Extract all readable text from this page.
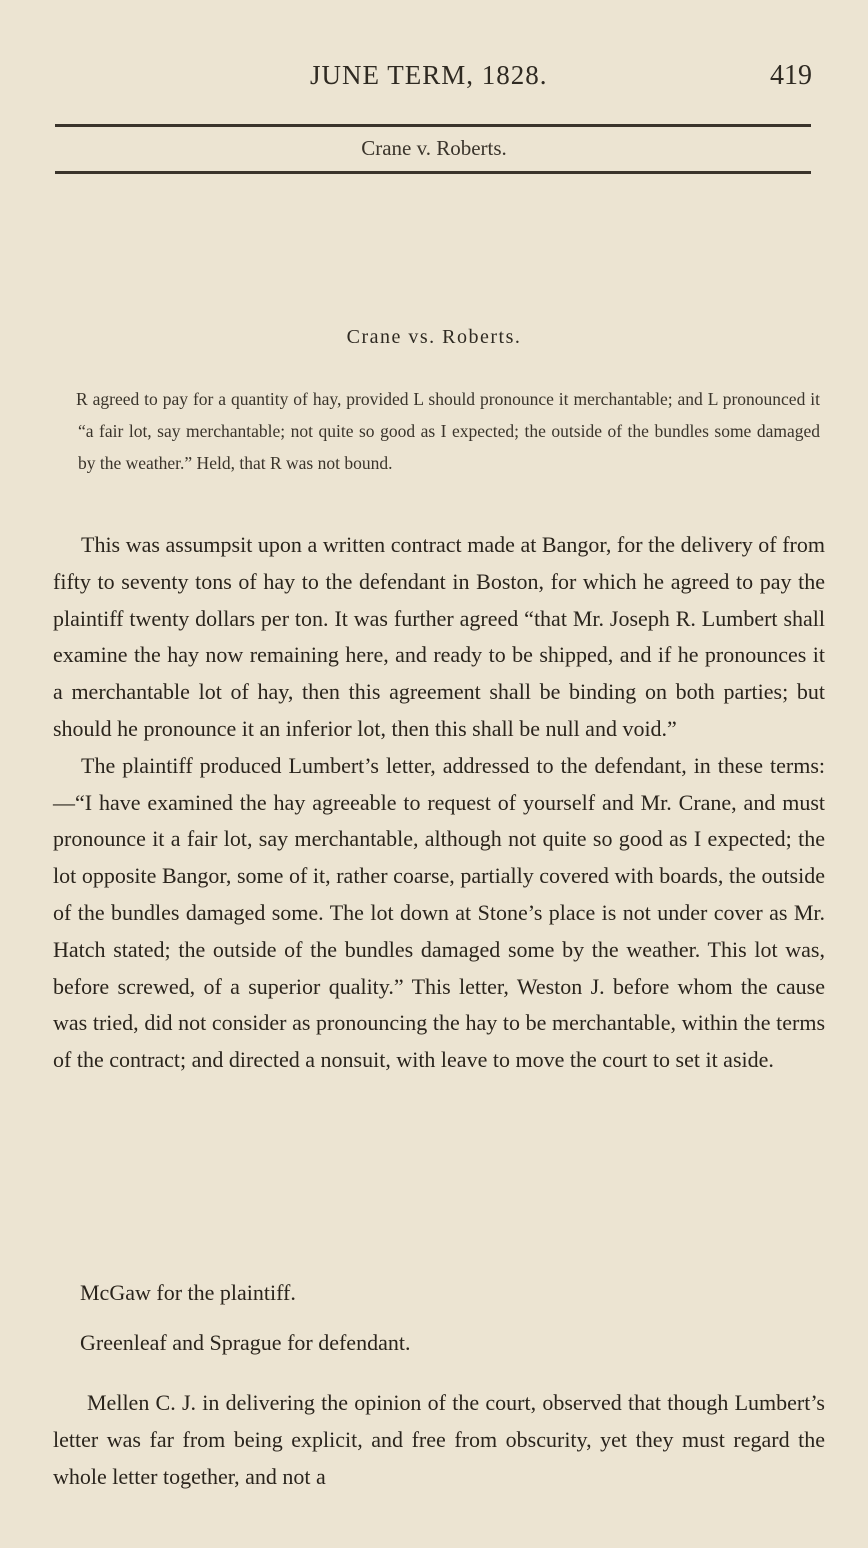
JUNE TERM, 1828.	419
Crane v. Roberts.
Crane vs. Roberts.
R agreed to pay for a quantity of hay, provided L should pronounce it merchantable; and L pronounced it “a fair lot, say merchantable; not quite so good as I expected; the outside of the bundles some damaged by the weather.” Held, that R was not bound.

This was assumpsit upon a written contract made at Bangor, for the delivery of from fifty to seventy tons of hay to the defendant in Boston, for which he agreed to pay the plaintiff twenty dollars per ton. It was further agreed “that Mr. Joseph R. Lumbert shall examine the hay now remaining here, and ready to be shipped, and if he pronounces it a merchantable lot of hay, then this agreement shall be binding on both parties; but should he pronounce it an inferior lot, then this shall be null and void.”

The plaintiff produced Lumbert’s letter, addressed to the defendant, in these terms:—“I have examined the hay agreeable to request of yourself and Mr. Crane, and must pronounce it a fair lot, say merchantable, although not quite so good as I expected; the lot opposite Bangor, some of it, rather coarse, partially covered with boards, the outside of the bundles damaged some. The lot down at Stone’s place is not under cover as Mr. Hatch stated; the outside of the bundles damaged some by the weather. This lot was, before screwed, of a superior quality.” This letter, Weston J. before whom the cause was tried, did not consider as pronouncing the hay to be merchantable, within the terms of the contract; and directed a nonsuit, with leave to move the court to set it aside.

McGaw for the plaintiff.
Greenleaf and Sprague for defendant.
Mellen C. J. in delivering the opinion of the court, observed that though Lumbert’s letter was far from being explicit, and free from obscurity, yet they must regard the whole letter together, and not a
